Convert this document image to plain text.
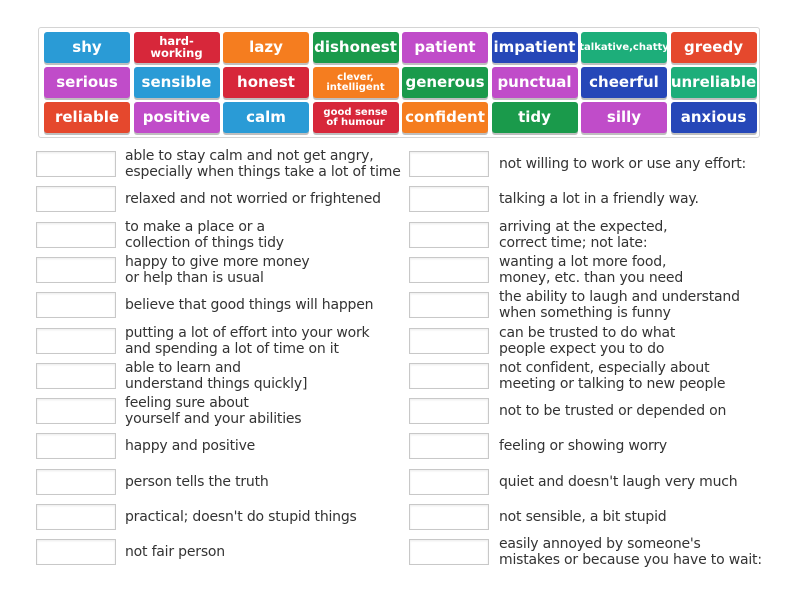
shy	hard-working	lazy	dishonest	patient	impatient talkative,chatty	greedy
serious	sensible	honest	clever,
intelligent	generous punctual	cheerful unreliable
reliable	positive	calm	good sense
of humour	confident	tidy	silly	anxious
able to stay calm and not get angry,
especially when things take a lot of time
relaxed and not worried or frightened
to make a place or a
collection of things tidy
happy to give more money
or help than is usual
believe that good things will happen
putting a lot of effort into your work
and spending a lot of time on it
able to learn and
understand things quickly]
feeling sure about
yourself and your abilities
happy and positive
person tells the truth
practical; doesn't do stupid things
not fair person
not willing to work or use any effort:
talking a lot in a friendly way.
arriving at the expected,
correct time; not late:
wanting a lot more food,
money, etc. than you need
the ability to laugh and understand
when something is funny
can be trusted to do what
people expect you to do
not confident, especially about
meeting or talking to new people
not to be trusted or depended on
feeling or showing worry
quiet and doesn't laugh very much
not sensible, a bit stupid
easily annoyed by someone's
mistakes or because you have to wait:
